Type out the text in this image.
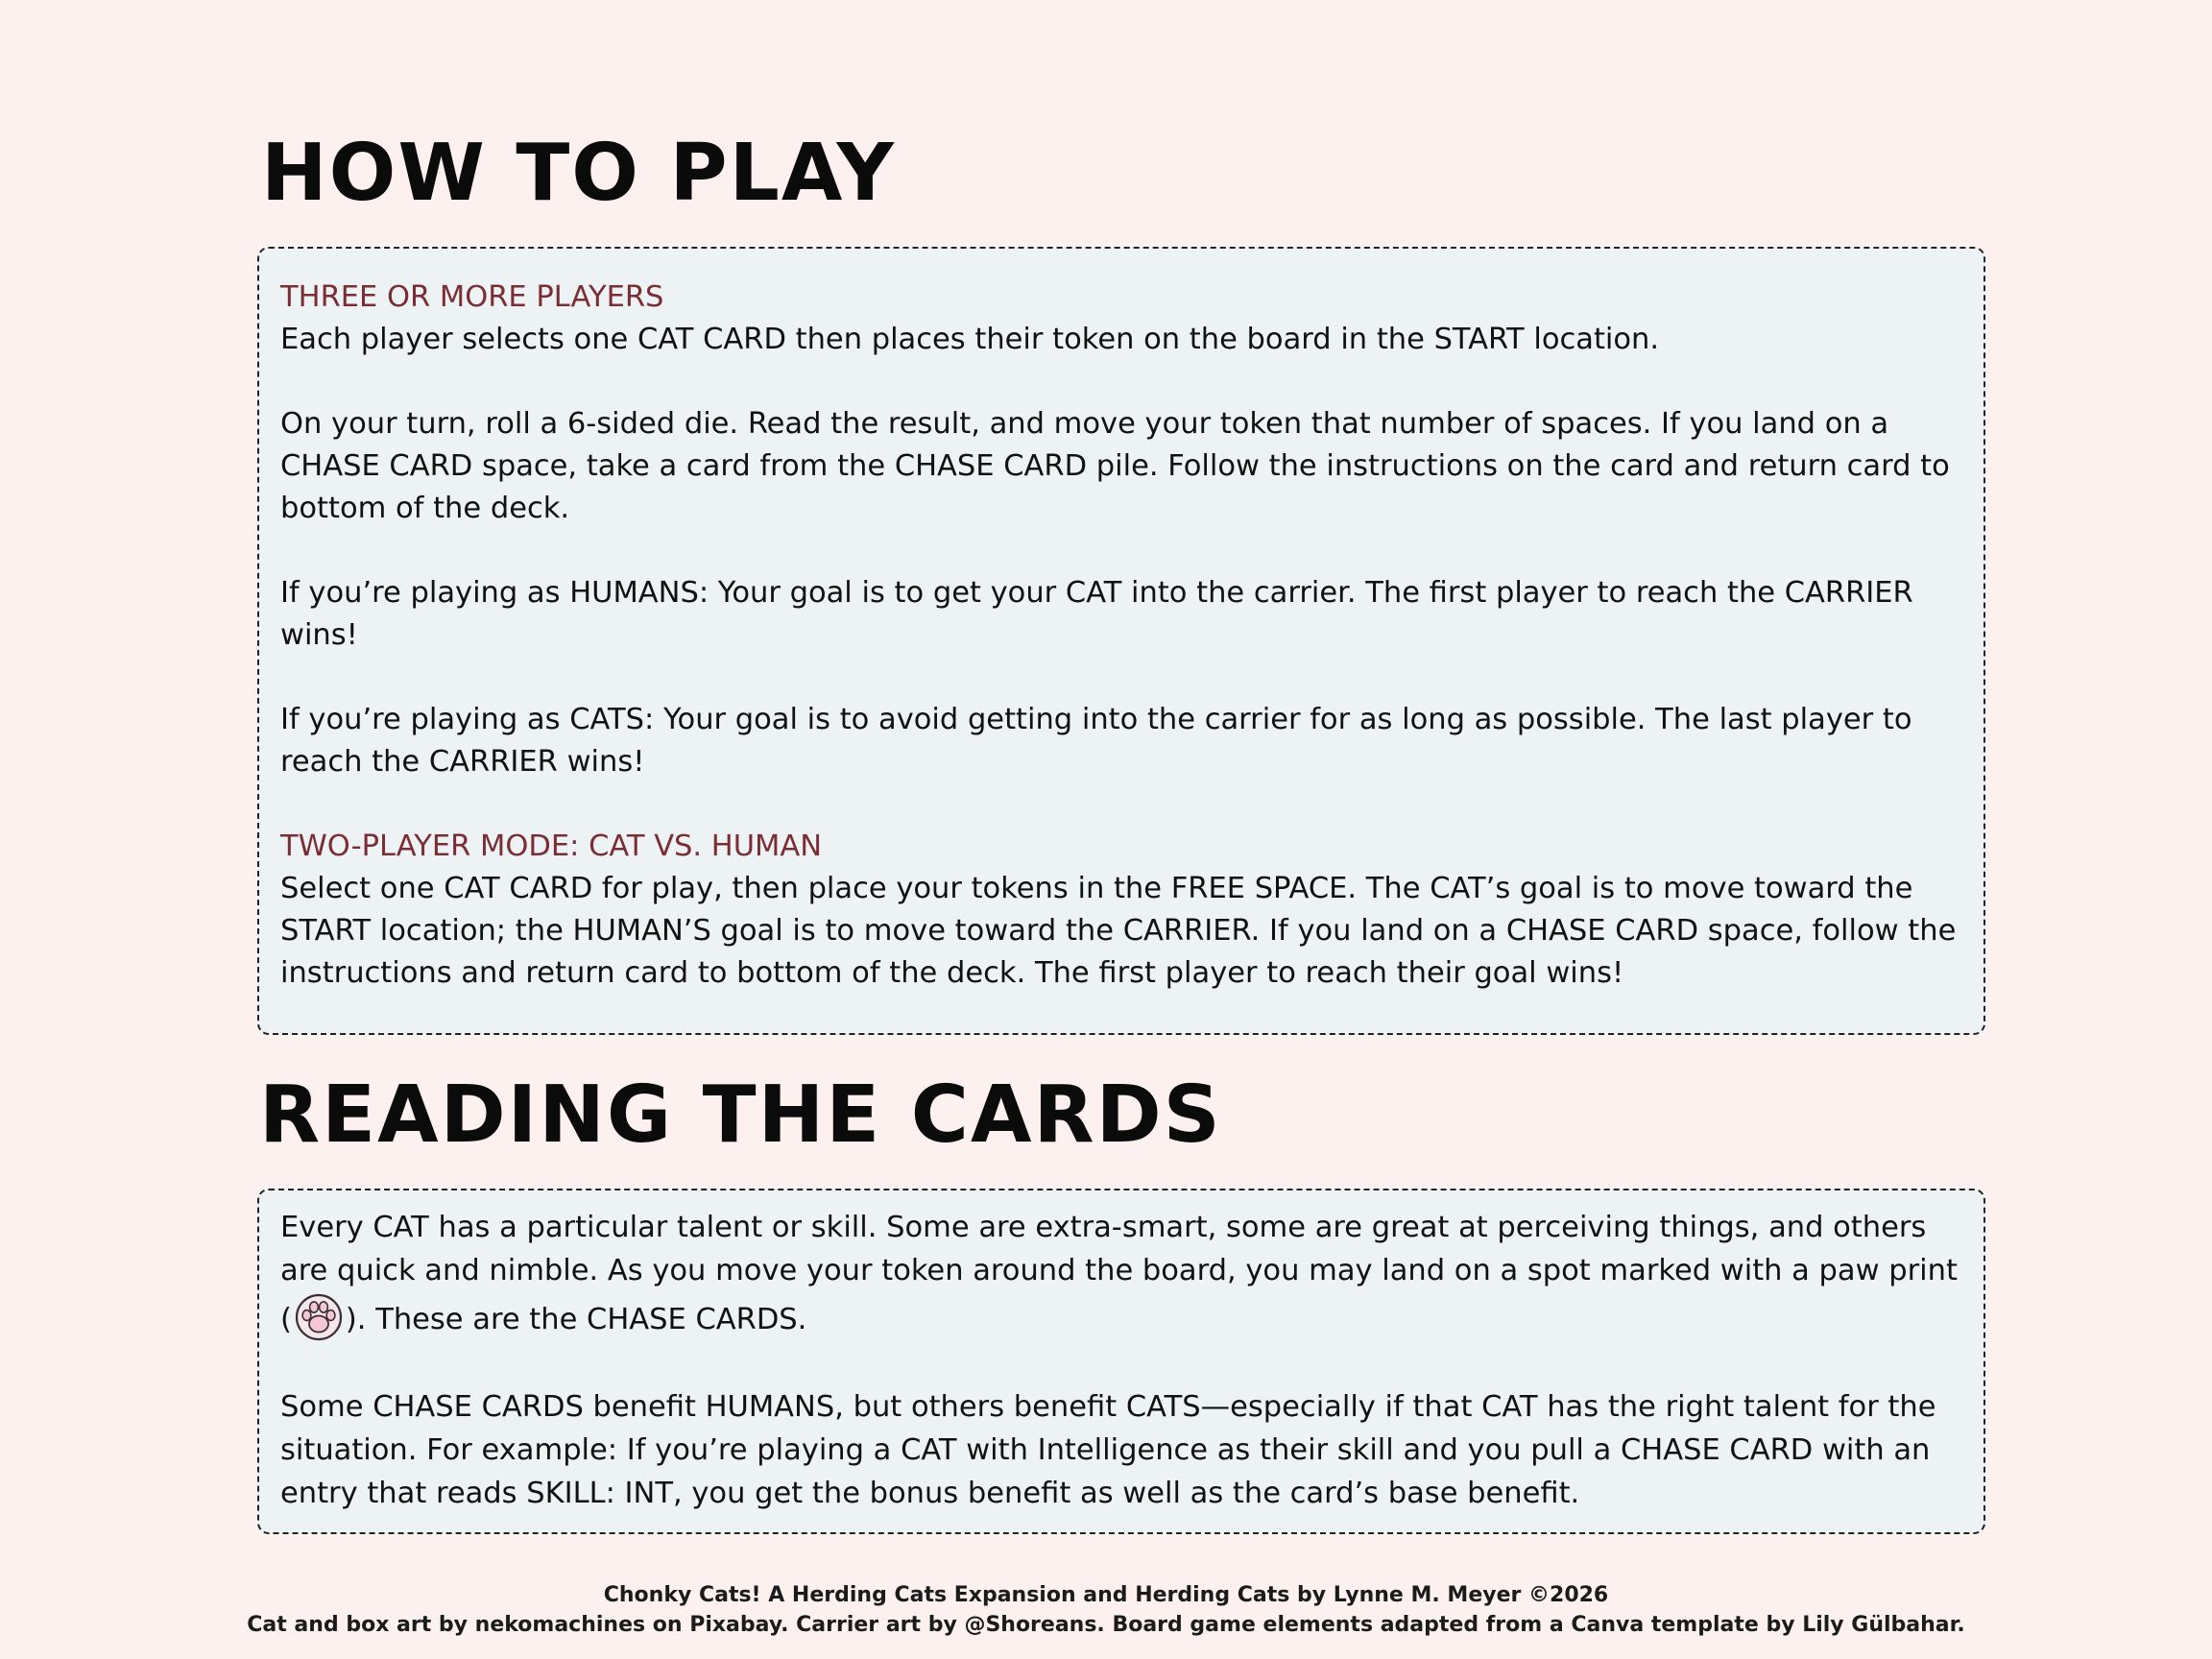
HOW TO PLAY
THREE OR MORE PLAYERS

Each player selects one CAT CARD then places their token on the board in the START location.

On your turn, roll a 6-sided die. Read the result, and move your token that number of spaces. If you land on a CHASE CARD space, take a card from the CHASE CARD pile. Follow the instructions on the card and return card to bottom of the deck.

If you’re playing as HUMANS: Your goal is to get your CAT into the carrier. The first player to reach the CARRIER wins!

If you’re playing as CATS: Your goal is to avoid getting into the carrier for as long as possible. The last player to reach the CARRIER wins!

TWO-PLAYER MODE: CAT VS. HUMAN

Select one CAT CARD for play, then place your tokens in the FREE SPACE. The CAT’s goal is to move toward the START location; the HUMAN’S goal is to move toward the CARRIER. If you land on a CHASE CARD space, follow the instructions and return card to bottom of the deck. The first player to reach their goal wins!

READING THE CARDS

Every CAT has a particular talent or skill. Some are extra-smart, some are great at perceiving things, and others are quick and nimble. As you move your token around the board, you may land on a spot marked with a paw print ( ). These are the CHASE CARDS.

Some CHASE CARDS benefit HUMANS, but others benefit CATS—especially if that CAT has the right talent for the situation. For example: If you’re playing a CAT with Intelligence as their skill and you pull a CHASE CARD with an entry that reads SKILL: INT, you get the bonus benefit as well as the card’s base benefit.

Chonky Cats! A Herding Cats Expansion and Herding Cats by Lynne M. Meyer ©2026
Cat and box art by nekomachines on Pixabay. Carrier art by @Shoreans. Board game elements adapted from a Canva template by Lily Gülbahar.
